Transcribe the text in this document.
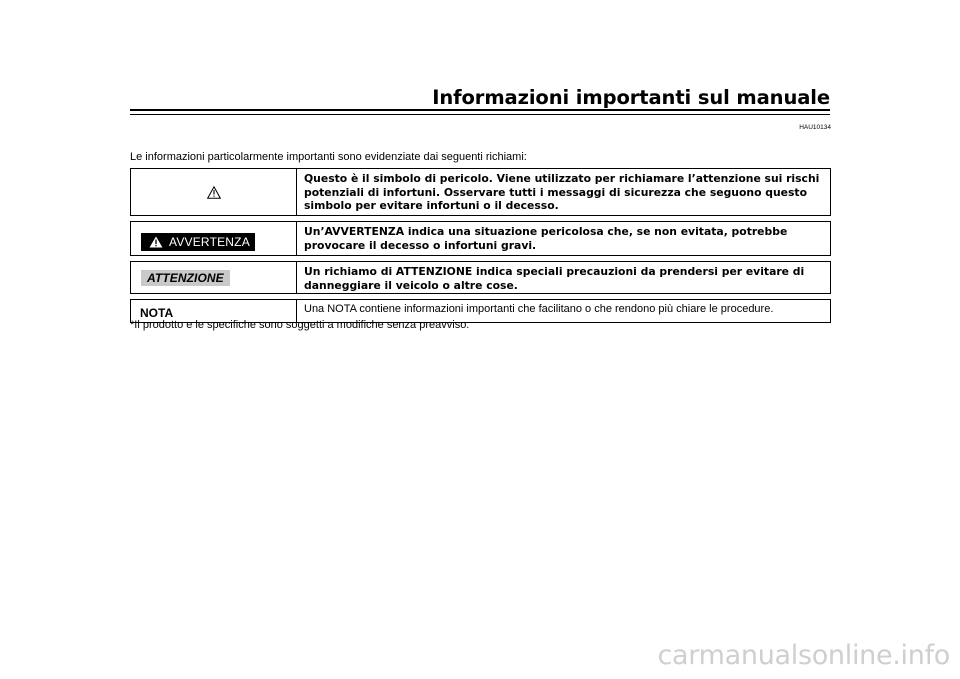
Informazioni importanti sul manuale
HAU10134
Le informazioni particolarmente importanti sono evidenziate dai seguenti richiami:
	Questo è il simbolo di pericolo. Viene utilizzato per richiamare l’attenzione sui rischi potenziali di infortuni. Osservare tutti i messaggi di sicurezza che seguono questo simbolo per evitare infortuni o il decesso.

AVVERTENZA	Un’AVVERTENZA indica una situazione pericolosa che, se non evitata, potrebbe provocare il decesso o infortuni gravi.

ATTENZIONE	Un richiamo di ATTENZIONE indica speciali precauzioni da prendersi per evitare di danneggiare il veicolo o altre cose.

NOTA	Una NOTA contiene informazioni importanti che facilitano o che rendono più chiare le procedure.
*Il prodotto e le specifiche sono soggetti a modifiche senza preavviso.
carmanualsonline.info
